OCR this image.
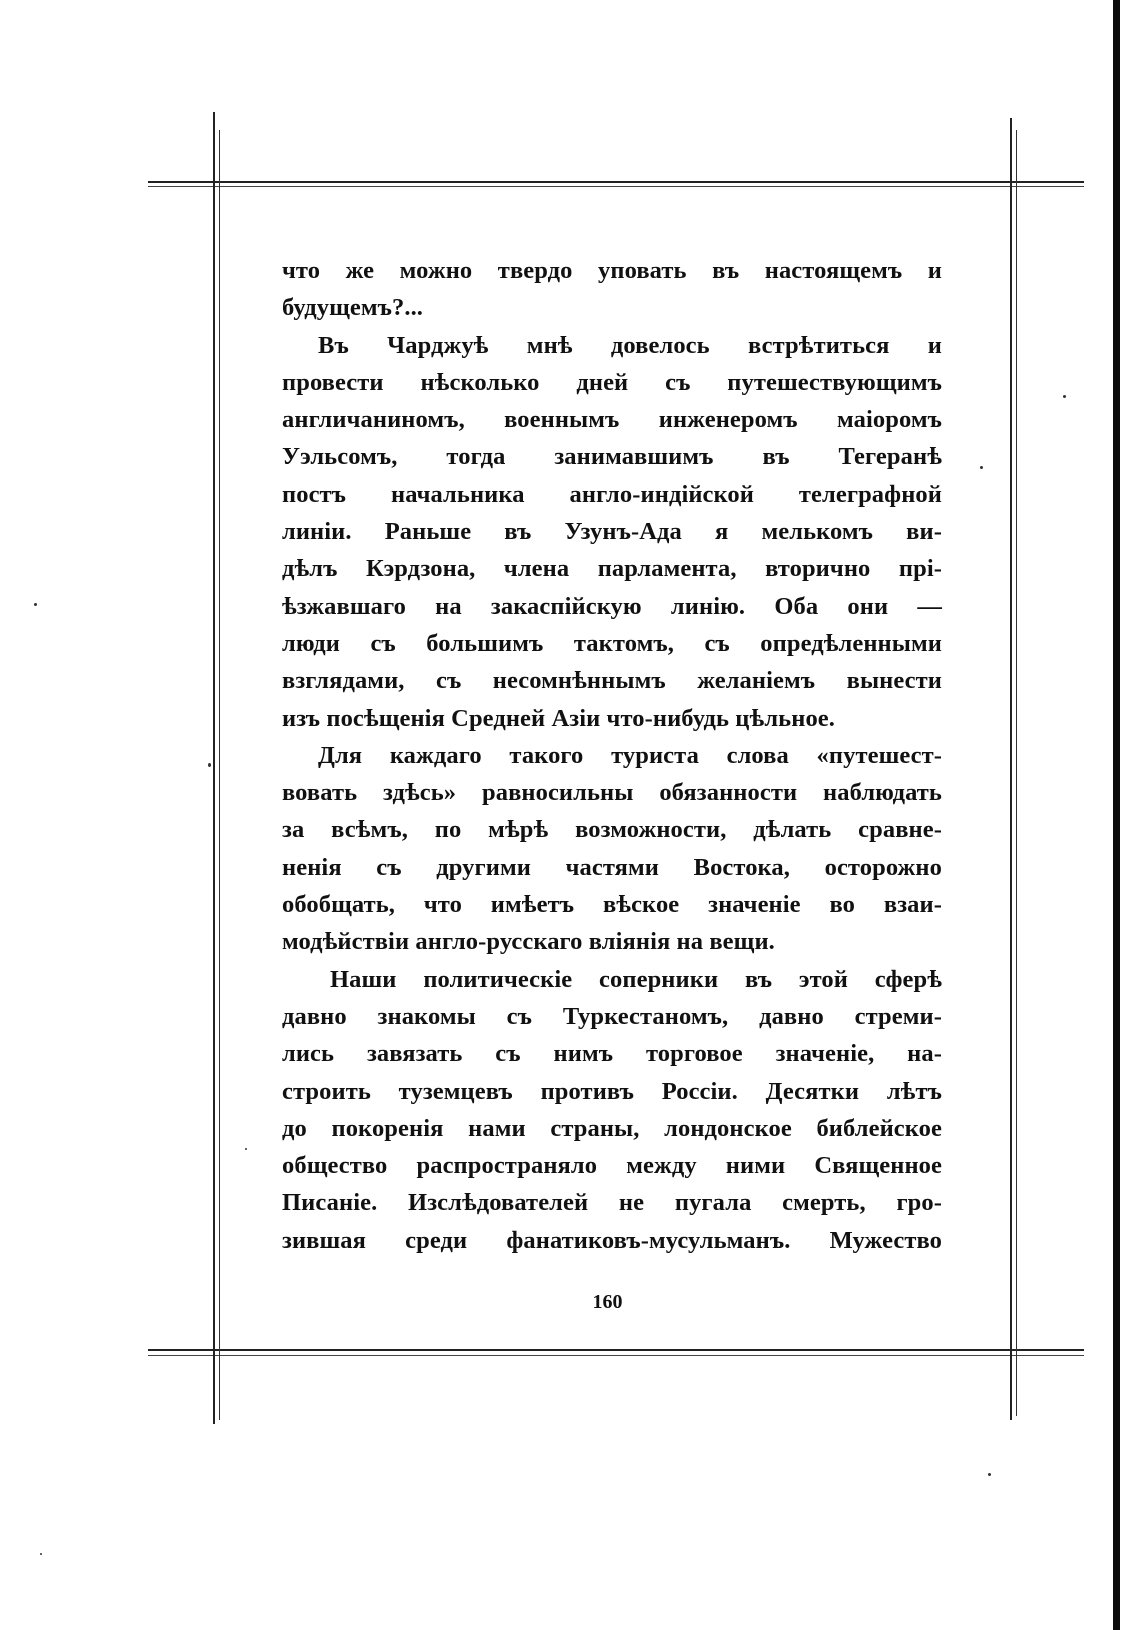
что же можно твердо уповать въ настоящемъ и
будущемъ?...
Въ Чарджуѣ мнѣ довелось встрѣтиться и
провести нѣсколько дней съ путешествующимъ
англичаниномъ, военнымъ инженеромъ маіоромъ
Уэльсомъ, тогда занимавшимъ въ Тегеранѣ
постъ начальника англо-индійской телеграфной
линіи. Раньше въ Узунъ-Ада я мелькомъ ви-
дѣлъ Кэрдзона, члена парламента, вторично прі-
ѣзжавшаго на закаспійскую линію. Оба они —
люди съ большимъ тактомъ, съ опредѣленными
взглядами, съ несомнѣннымъ желаніемъ вынести
изъ посѣщенія Средней Азіи что-нибудь цѣльное.
Для каждаго такого туриста слова «путешест-
вовать здѣсь» равносильны обязанности наблюдать
за всѣмъ, по мѣрѣ возможности, дѣлать сравне-
ненія съ другими частями Востока, осторожно
обобщать, что имѣетъ вѣское значеніе во взаи-
модѣйствіи англо-русскаго вліянія на вещи.
Наши политическіе соперники въ этой сферѣ
давно знакомы съ Туркестаномъ, давно стреми-
лись завязать съ нимъ торговое значеніе, на-
строить туземцевъ противъ Россіи. Десятки лѣтъ
до покоренія нами страны, лондонское библейское
общество распространяло между ними Священное
Писаніе. Изслѣдователей не пугала смерть, гро-
зившая среди фанатиковъ-мусульманъ. Мужество
160
